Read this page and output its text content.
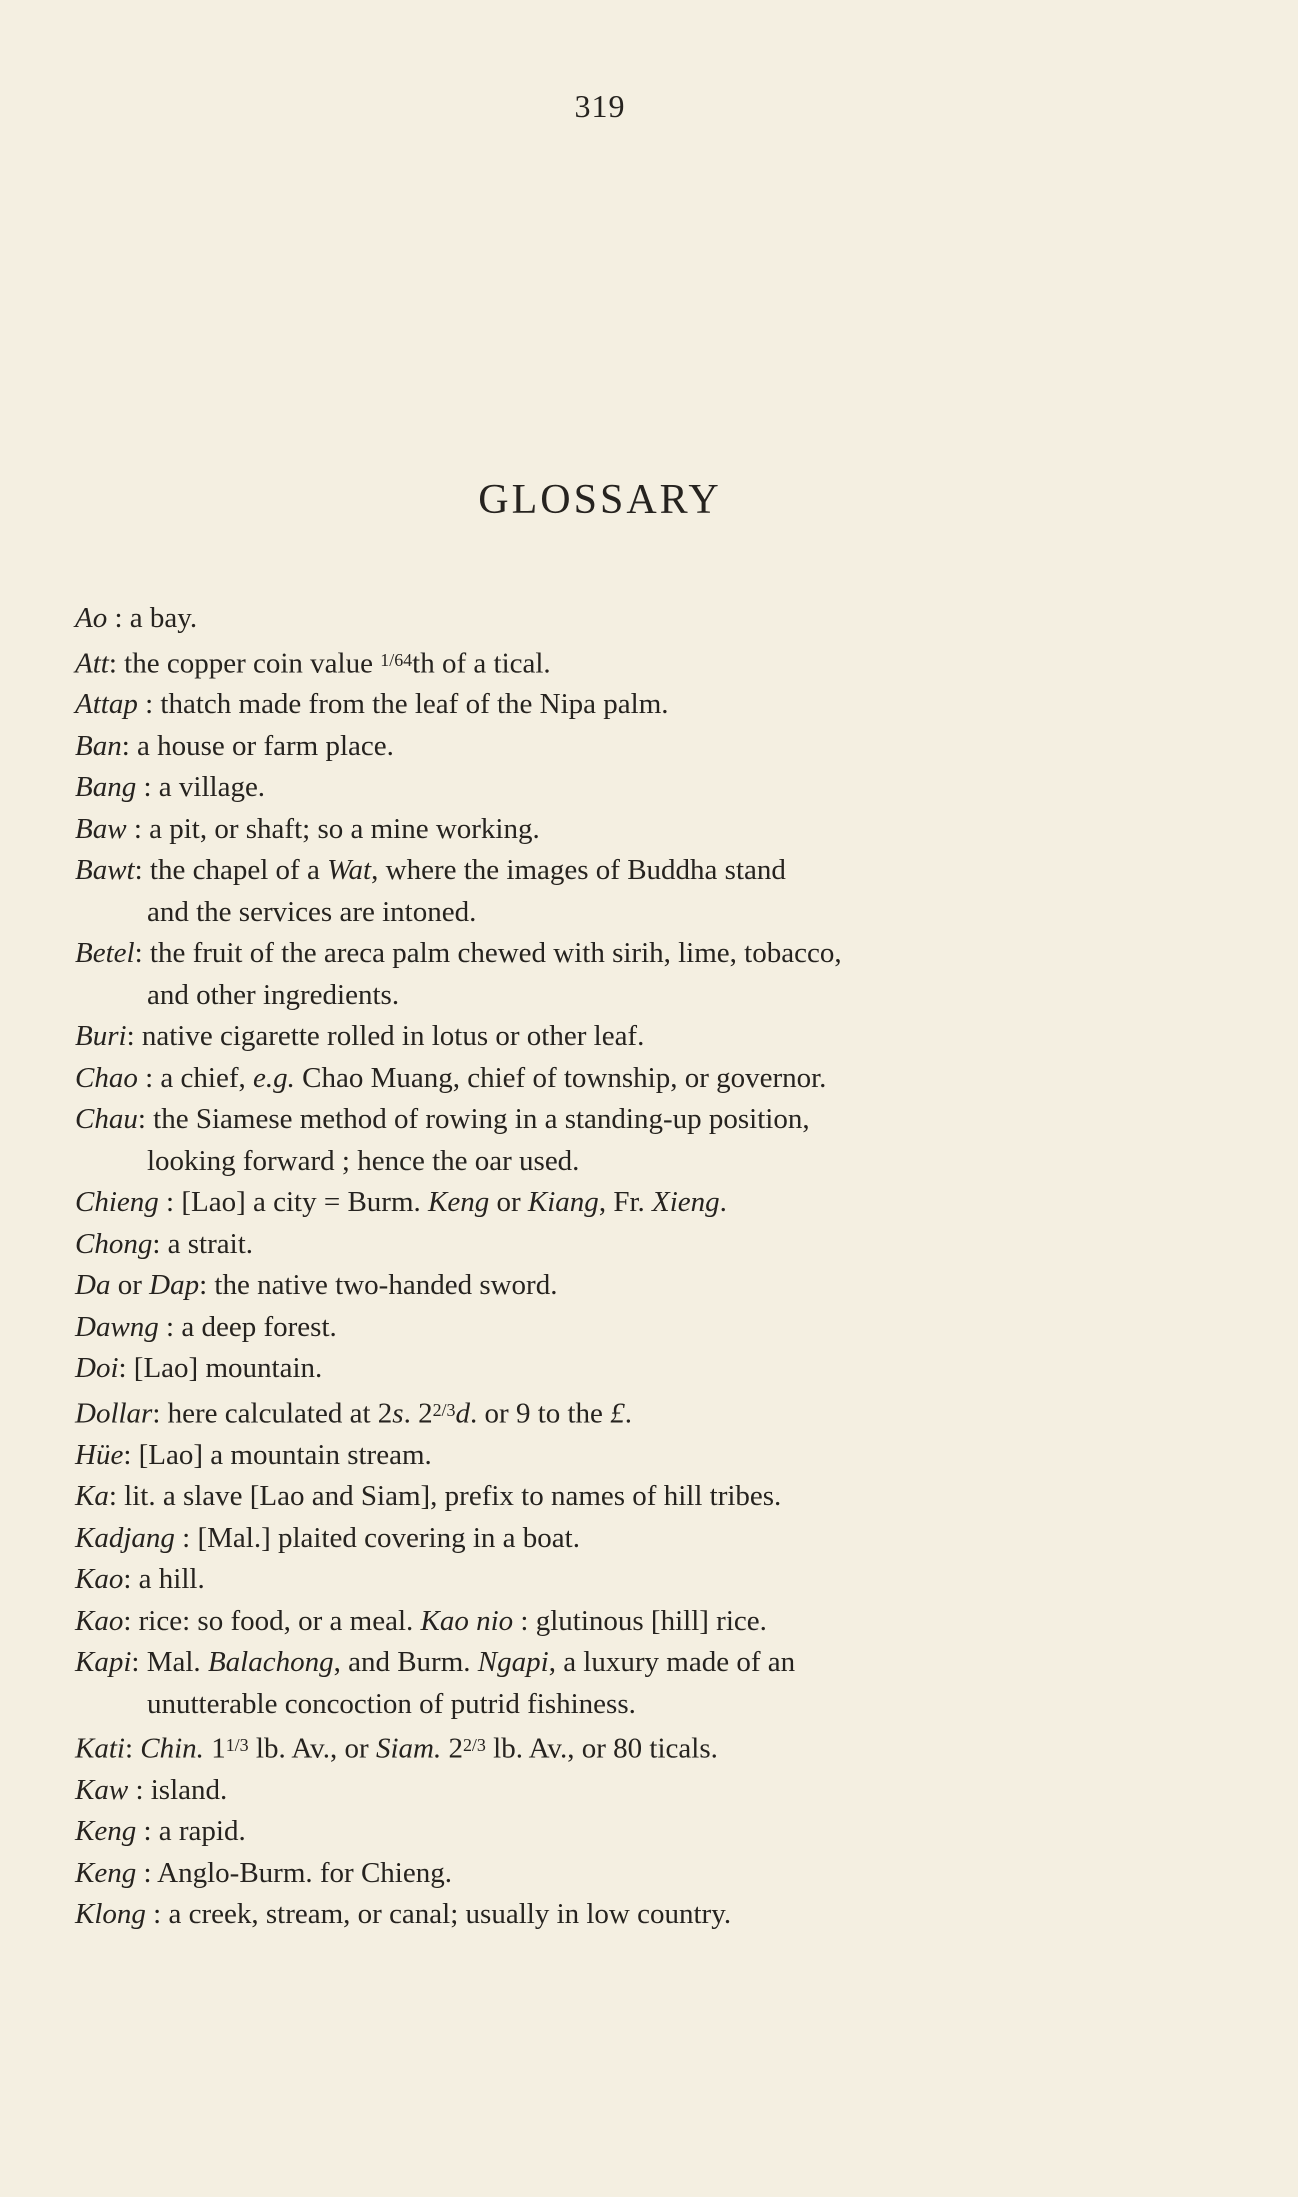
319
GLOSSARY
Ao : a bay.
Att: the copper coin value $^{1/64}$th of a tical.
Attap : thatch made from the leaf of the Nipa palm.
Ban: a house or farm place.
Bang : a village.
Baw : a pit, or shaft; so a mine working.
Bawt: the chapel of a Wat, where the images of Buddha stand
and the services are intoned.
Betel: the fruit of the areca palm chewed with sirih, lime, tobacco,
and other ingredients.
Buri: native cigarette rolled in lotus or other leaf.
Chao : a chief, e.g. Chao Muang, chief of township, or governor.
Chau: the Siamese method of rowing in a standing-up position,
looking forward ; hence the oar used.
Chieng : [Lao] a city = Burm. Keng or Kiang, Fr. Xieng.
Chong: a strait.
Da or Dap: the native two-handed sword.
Dawng : a deep forest.
Doi: [Lao] mountain.
Dollar: here calculated at 2s. $2^{2/3}d$. or 9 to the £.
Hüe: [Lao] a mountain stream.
Ka: lit. a slave [Lao and Siam], prefix to names of hill tribes.
Kadjang : [Mal.] plaited covering in a boat.
Kao: a hill.
Kao: rice: so food, or a meal. Kao nio : glutinous [hill] rice.
Kapi: Mal. Balachong, and Burm. Ngapi, a luxury made of an
unutterable concoction of putrid fishiness.
Kati: Chin. $1^{1/3}$ lb. Av., or Siam. $2^{2/3}$ lb. Av., or 80 ticals.
Kaw : island.
Keng : a rapid.
Keng : Anglo-Burm. for Chieng.
Klong : a creek, stream, or canal; usually in low country.
